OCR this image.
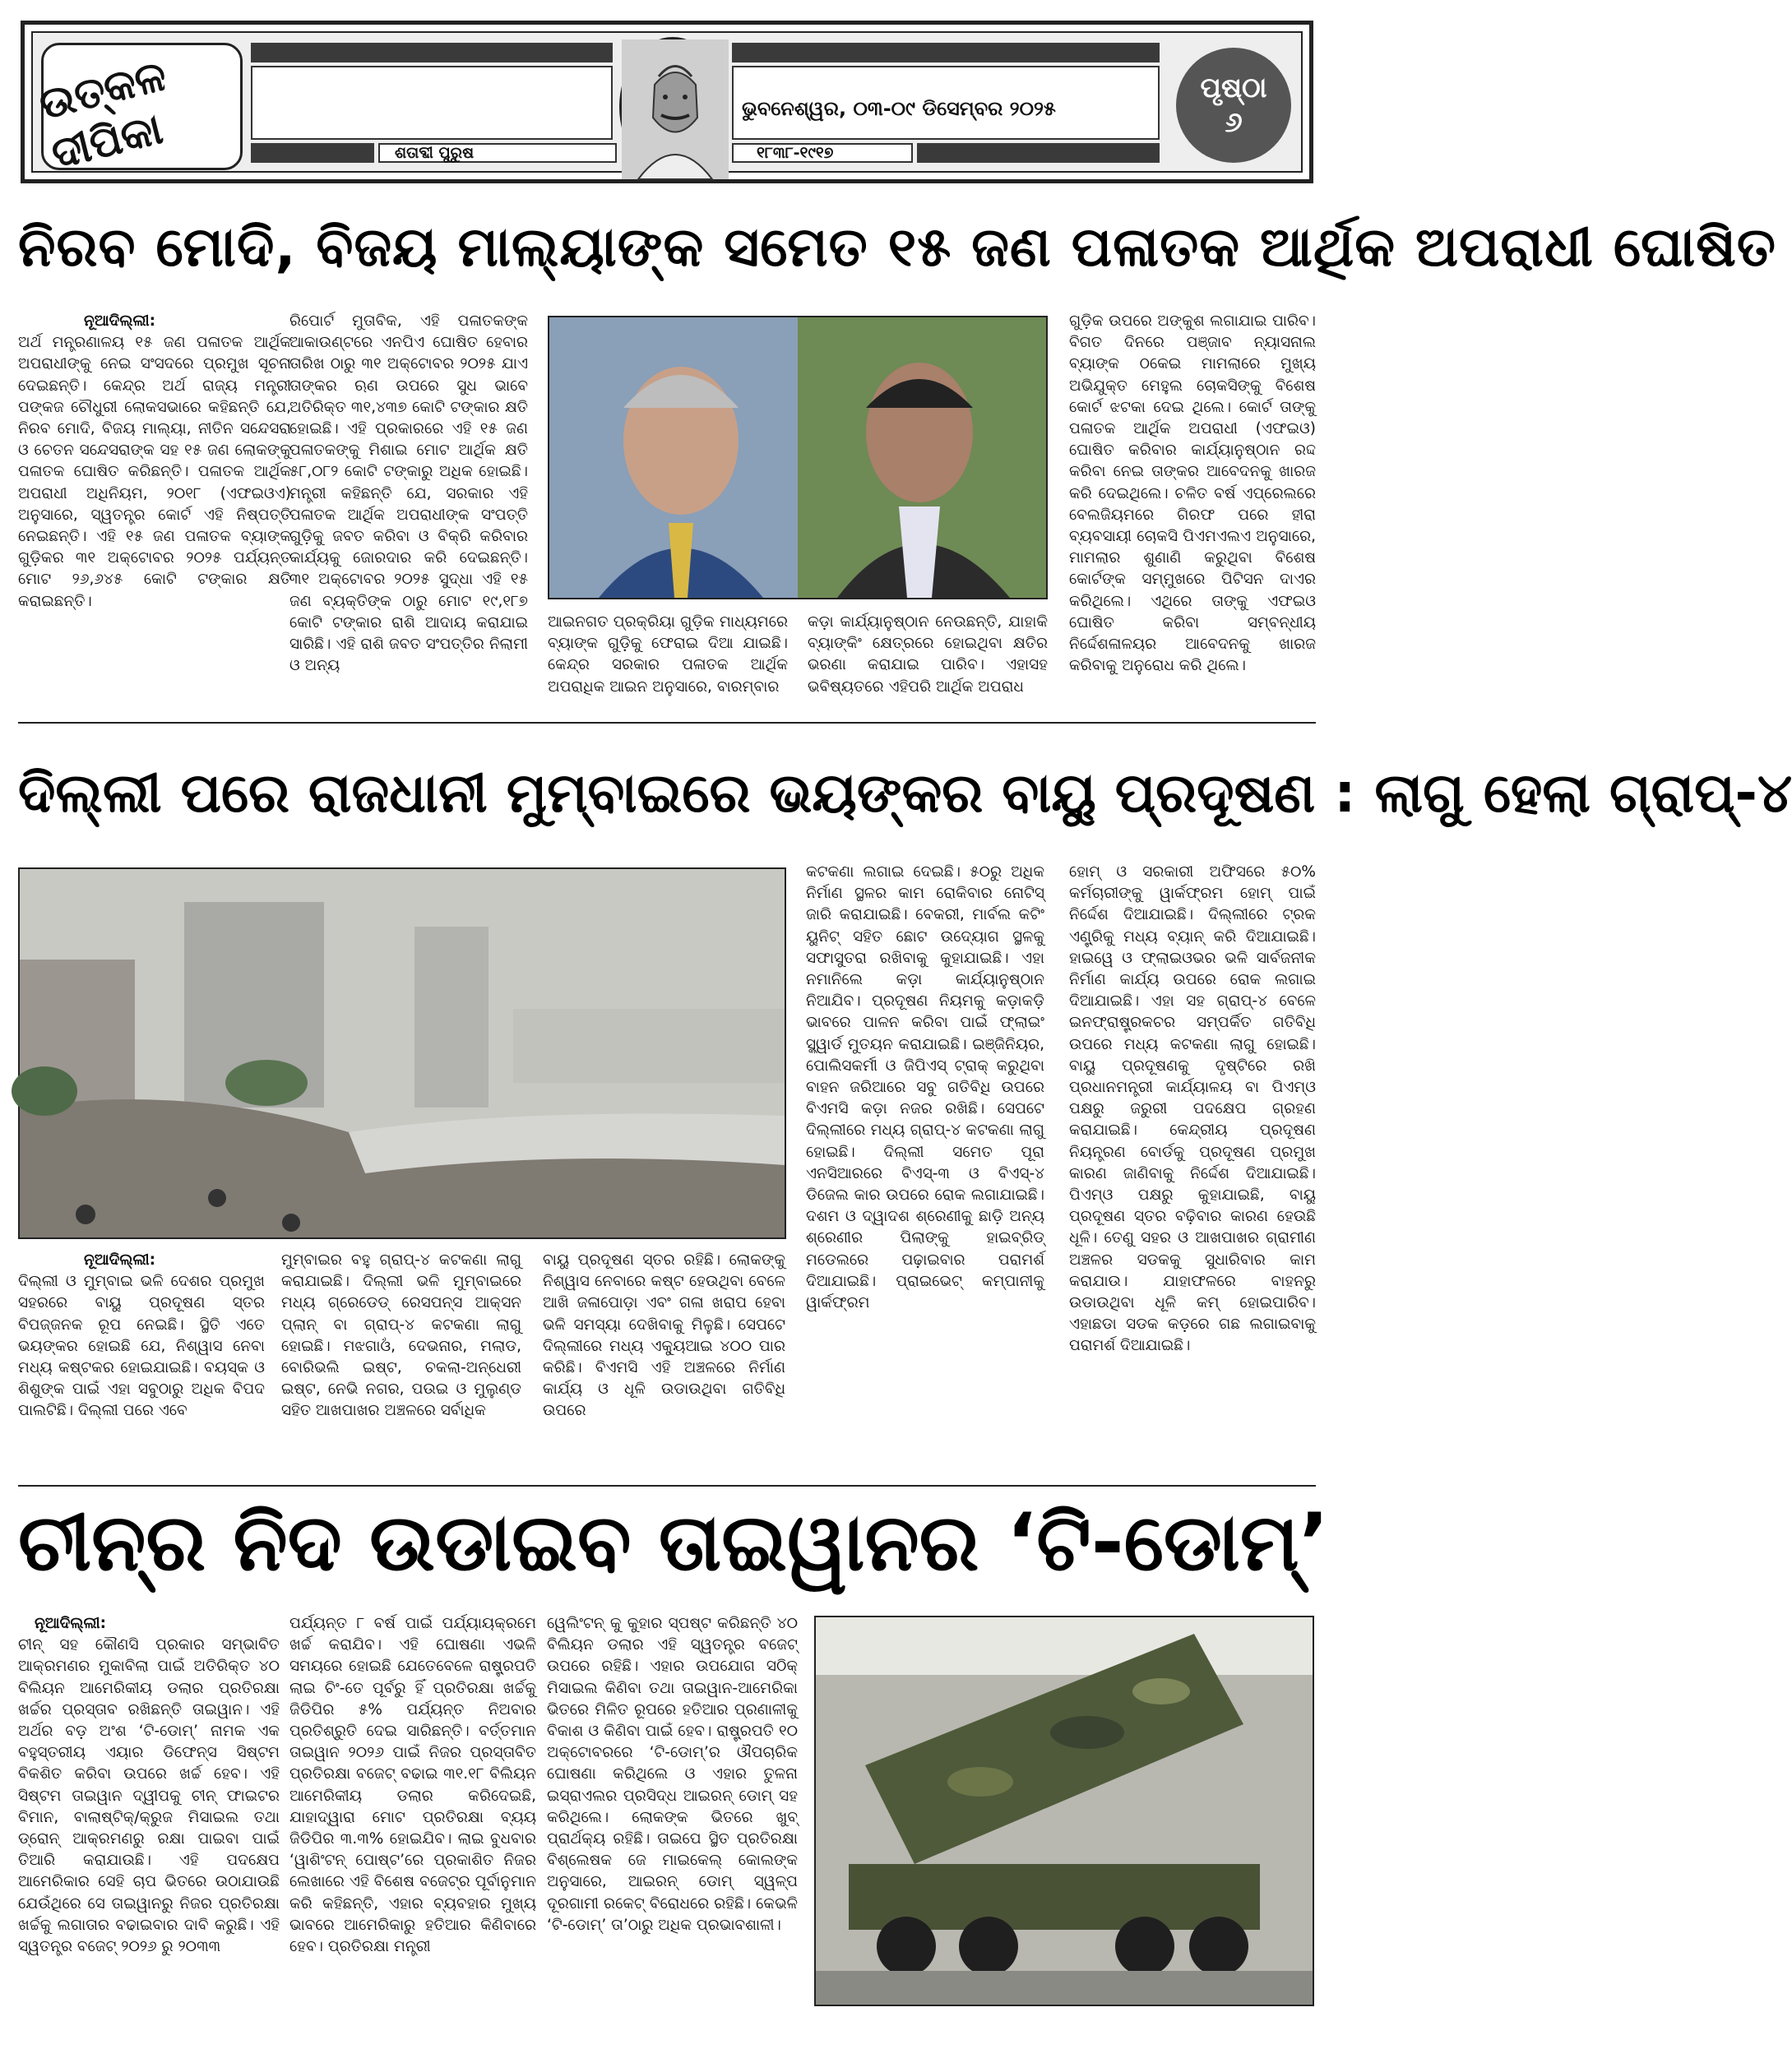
ଉତ୍କଳ ଦୀପିକା	ଶତାବ୍ଦୀ ପୁରୁଷ
ଭୁବନେଶ୍ୱର, ୦୩-୦୯ ଡିସେମ୍ବର ୨୦୨୫
୧୮୩୮-୧୯୧୭
ପୃଷ୍ଠା
୬
ନିରବ ମୋଦି, ବିଜୟ ମାଲ୍ୟାଙ୍କ ସମେତ ୧୫ ଜଣ ପଳାତକ ଆର୍ଥିକ ଅପରାଧୀ ଘୋଷିତ

ନୂଆଦିଲ୍ଲୀ:

ଅର୍ଥ ମନ୍ତ୍ରଣାଳୟ ୧୫ ଜଣ ପଳାତକ ଆର୍ଥିକ ଅପରାଧୀଙ୍କୁ ନେଇ ସଂସଦରେ ପ୍ରମୁଖ ସୂଚନା ଦେଇଛନ୍ତି। କେନ୍ଦ୍ର ଅର୍ଥ ରାଜ୍ୟ ମନ୍ତ୍ରୀ ପଙ୍କଜ ଚୌଧୁରୀ ଲୋକସଭାରେ କହିଛନ୍ତି ଯେ, ନିରବ ମୋଦି, ବିଜୟ ମାଲ୍ୟା, ନୀତିନ ସନ୍ଦେସରା ଓ ଚେତନ ସନ୍ଦେସରାଙ୍କ ସହ ୧୫ ଜଣ ଲୋକଙ୍କୁ ପଳାତକ ଘୋଷିତ କରିଛନ୍ତି। ପଳାତକ ଆର୍ଥିକ ଅପରାଧୀ ଅଧିନିୟମ, ୨୦୧୮ (ଏଫଇଓଏ) ଅନୁସାରେ, ସ୍ୱତନ୍ତ୍ର କୋର୍ଟ ଏହି ନିଷ୍ପତ୍ତି ନେଇଛନ୍ତି। ଏହି ୧୫ ଜଣ ପଳାତକ ବ୍ୟାଙ୍କ ଗୁଡ଼ିକର ୩୧ ଅକ୍ଟୋବର ୨୦୨୫ ପର୍ଯ୍ୟନ୍ତ ମୋଟ ୨୬,୬୪୫ କୋଟି ଟଙ୍କାର କ୍ଷତି କରାଇଛନ୍ତି।

ରିପୋର୍ଟ ମୁତାବିକ, ଏହି ପଳାତକଙ୍କ ଆକାଉଣ୍ଟରେ ଏନପିଏ ଘୋଷିତ ହେବାର ତାରିଖ ଠାରୁ ୩୧ ଅକ୍ଟୋବର ୨୦୨୫ ଯାଏ ତାଙ୍କର ଋଣ ଉପରେ ସୁଧ ଭାବେ ଅତିରିକ୍ତ ୩୧,୪୩୭ କୋଟି ଟଙ୍କାର କ୍ଷତି ହୋଇଛି। ଏହି ପ୍ରକାରରେ ଏହି ୧୫ ଜଣ ପଳାତକଙ୍କୁ ମିଶାଇ ମୋଟ ଆର୍ଥିକ କ୍ଷତି ୫୮,୦୮୨ କୋଟି ଟଙ୍କାରୁ ଅଧିକ ହୋଇଛି। ମନ୍ତ୍ରୀ କହିଛନ୍ତି ଯେ, ସରକାର ଏହି ପଳାତକ ଆର୍ଥିକ ଅପରାଧୀଙ୍କ ସଂପତ୍ତି ଗୁଡ଼ିକୁ ଜବତ କରିବା ଓ ବିକ୍ରି କରିବାର କାର୍ଯ୍ୟକୁ ଜୋରଦାର କରି ଦେଇଛନ୍ତି। ୩୧ ଅକ୍ଟୋବର ୨୦୨୫ ସୁଦ୍ଧା ଏହି ୧୫ ଜଣ ବ୍ୟକ୍ତିଙ୍କ ଠାରୁ ମୋଟ ୧୯,୧୮୭ କୋଟି ଟଙ୍କାର ରାଶି ଆଦାୟ କରାଯାଇ ସାରିଛି। ଏହି ରାଶି ଜବତ ସଂପତ୍ତିର ନିଲାମୀ ଓ ଅନ୍ୟ

ଆଇନଗତ ପ୍ରକ୍ରିୟା ଗୁଡ଼ିକ ମାଧ୍ୟମରେ ବ୍ୟାଙ୍କ ଗୁଡ଼ିକୁ ଫେରାଇ ଦିଆ ଯାଇଛି। କେନ୍ଦ୍ର ସରକାର ପଳାତକ ଆର୍ଥିକ ଅପରାଧିକ ଆଇନ ଅନୁସାରେ, ବାରମ୍ବାର

କଡ଼ା କାର୍ଯ୍ୟାନୁଷ୍ଠାନ ନେଉଛନ୍ତି, ଯାହାକି ବ୍ୟାଙ୍କିଂ କ୍ଷେତ୍ରରେ ହୋଇଥିବା କ୍ଷତିର ଭରଣା କରାଯାଇ ପାରିବ। ଏହାସହ ଭବିଷ୍ୟତରେ ଏହିପରି ଆର୍ଥିକ ଅପରାଧ

ଗୁଡ଼ିକ ଉପରେ ଅଙ୍କୁଶ ଲଗାଯାଇ ପାରିବ। ବିଗତ ଦିନରେ ପଞ୍ଜାବ ନ୍ୟାସନାଲ ବ୍ୟାଙ୍କ ଠକେଇ ମାମଲାରେ ମୁଖ୍ୟ ଅଭିଯୁକ୍ତ ମେହୁଲ ଚୋକସିଙ୍କୁ ବିଶେଷ କୋର୍ଟ ଝଟକା ଦେଇ ଥିଲେ। କୋର୍ଟ ତାଙ୍କୁ ପଳାତକ ଆର୍ଥିକ ଅପରାଧୀ (ଏଫଇଓ) ଘୋଷିତ କରିବାର କାର୍ଯ୍ୟାନୁଷ୍ଠାନ ରଦ୍ଦ କରିବା ନେଇ ତାଙ୍କର ଆବେଦନକୁ ଖାରଜ କରି ଦେଇଥିଲେ। ଚଳିତ ବର୍ଷ ଏପ୍ରେଲରେ ବେଲଜିୟମରେ ଗିରଫ ପରେ ହୀରା ବ୍ୟବସାୟୀ ଚୋକସି ପିଏମଏଲଏ ଅନୁସାରେ, ମାମଲାର ଶୁଣାଣି କରୁଥିବା ବିଶେଷ କୋର୍ଟଙ୍କ ସମ୍ମୁଖରେ ପିଟିସନ ଦାଏର କରିଥିଲେ। ଏଥିରେ ତାଙ୍କୁ ଏଫଇଓ ଘୋଷିତ କରିବା ସମ୍ବନ୍ଧୀୟ ନିର୍ଦ୍ଦେଶଳାଳୟର ଆବେଦନକୁ ଖାରଜ କରିବାକୁ ଅନୁରୋଧ କରି ଥିଲେ।

ଦିଲ୍ଲୀ ପରେ ରାଜଧାନୀ ମୁମ୍ବାଇରେ ଭୟଙ୍କର ବାୟୁ ପ୍ରଦୂଷଣ : ଲାଗୁ ହେଲା ଗ୍ରାପ୍-୪

ନୂଆଦିଲ୍ଲୀ:

ଦିଲ୍ଲୀ ଓ ମୁମ୍ବାଇ ଭଳି ଦେଶର ପ୍ରମୁଖ ସହରରେ ବାୟୁ ପ୍ରଦୂଷଣ ସ୍ତର ବିପଜ୍ଜନକ ରୂପ ନେଇଛି। ସ୍ଥିତି ଏତେ ଭୟଙ୍କର ହୋଇଛି ଯେ, ନିଶ୍ୱାସ ନେବା ମଧ୍ୟ କଷ୍ଟକର ହୋଇଯାଇଛି। ବୟସ୍କ ଓ ଶିଶୁଙ୍କ ପାଇଁ ଏହା ସବୁଠାରୁ ଅଧିକ ବିପଦ ପାଲଟିଛି। ଦିଲ୍ଲୀ ପରେ ଏବେ

ମୁମ୍ବାଇର ବହୁ ଗ୍ରାପ୍-୪ କଟକଣା ଲାଗୁ କରାଯାଇଛି। ଦିଲ୍ଲୀ ଭଳି ମୁମ୍ବାଇରେ ମଧ୍ୟ ଗ୍ରେଡେଡ୍ ରେସପନ୍ସ ଆକ୍ସନ ପ୍ଲାନ୍ ବା ଗ୍ରାପ୍-୪ କଟକଣା ଲାଗୁ ହୋଇଛି। ମଝଗାଓଁ, ଦେଭନାର, ମଲାଡ, ବୋରିଭଲି ଇଷ୍ଟ, ଚକଲା-ଅନ୍ଧେରୀ ଇଷ୍ଟ, ନେଭି ନଗର, ପଉଇ ଓ ମୁଲୁଣ୍ଡ ସହିତ ଆଖପାଖର ଅଞ୍ଚଳରେ ସର୍ବାଧିକ

ବାୟୁ ପ୍ରଦୂଷଣ ସ୍ତର ରହିଛି। ଲୋକଙ୍କୁ ନିଶ୍ୱାସ ନେବାରେ କଷ୍ଟ ହେଉଥିବା ବେଳେ ଆଖି ଜଳାପୋଡ଼ା ଏବଂ ଗଳା ଖରାପ ହେବା ଭଳି ସମସ୍ୟା ଦେଖିବାକୁ ମିଳୁଛି। ସେପଟେ ଦିଲ୍ଲୀରେ ମଧ୍ୟ ଏକ୍ୟୁଆଇ ୪୦୦ ପାର କରିଛି। ବିଏମସି ଏହି ଅଞ୍ଚଳରେ ନିର୍ମାଣ କାର୍ଯ୍ୟ ଓ ଧୂଳି ଉଡାଉଥିବା ଗତିବିଧି ଉପରେ

କଟକଣା ଲଗାଇ ଦେଇଛି। ୫୦ରୁ ଅଧିକ ନିର୍ମାଣ ସ୍ଥଳର କାମ ରୋକିବାର ନୋଟିସ୍ ଜାରି କରାଯାଇଛି। ବେକରୀ, ମାର୍ବଲ କଟିଂ ୟୁନିଟ୍ ସହିତ ଛୋଟ ଉଦ୍ୟୋଗ ସ୍ଥଳକୁ ସଫାସୁତରା ରଖିବାକୁ କୁହାଯାଇଛି। ଏହା ନମାନିଲେ କଡ଼ା କାର୍ଯ୍ୟାନୁଷ୍ଠାନ ନିଆଯିବ। ପ୍ରଦୂଷଣ ନିୟମକୁ କଡ଼ାକଡ଼ି ଭାବରେ ପାଳନ କରିବା ପାଇଁ ଫ୍ଲାଇଂ ସ୍କ୍ୱାର୍ଡ ମୁତୟନ କରାଯାଇଛି। ଇଞ୍ଜିନିୟର, ପୋଲିସକର୍ମୀ ଓ ଜିପିଏସ୍ ଟ୍ରାକ୍ କରୁଥିବା ବାହନ ଜରିଆରେ ସବୁ ଗତିବିଧି ଉପରେ ବିଏମସି କଡ଼ା ନଜର ରଖିଛି। ସେପଟେ ଦିଲ୍ଲୀରେ ମଧ୍ୟ ଗ୍ରାପ୍-୪ କଟକଣା ଲାଗୁ ହୋଇଛି। ଦିଲ୍ଲୀ ସମେତ ପୂରା ଏନସିଆରରେ ବିଏସ୍-୩ ଓ ବିଏସ୍-୪ ଡିଜେଲ କାର ଉପରେ ରୋକ ଲଗାଯାଇଛି। ଦଶମ ଓ ଦ୍ୱାଦଶ ଶ୍ରେଣୀକୁ ଛାଡ଼ି ଅନ୍ୟ ଶ୍ରେଣୀର ପିଲାଙ୍କୁ ହାଇବ୍ରିଡ୍ ମଡେଲରେ ପଢ଼ାଇବାର ପରାମର୍ଶ ଦିଆଯାଇଛି। ପ୍ରାଇଭେଟ୍ କମ୍ପାନୀକୁ ୱାର୍କଫ୍ରମ

ହୋମ୍ ଓ ସରକାରୀ ଅଫିସରେ ୫୦% କର୍ମଚାରୀଙ୍କୁ ୱାର୍କଫ୍ରମ ହୋମ୍ ପାଇଁ ନିର୍ଦ୍ଦେଶ ଦିଆଯାଇଛି। ଦିଲ୍ଲୀରେ ଟ୍ରକ ଏଣ୍ଟ୍ରିକୁ ମଧ୍ୟ ବ୍ୟାନ୍ କରି ଦିଆଯାଇଛି। ହାଇୱେ ଓ ଫ୍ଲାଇଓଭର ଭଳି ସାର୍ବଜନୀକ ନିର୍ମାଣ କାର୍ଯ୍ୟ ଉପରେ ରୋକ ଲଗାଇ ଦିଆଯାଇଛି। ଏହା ସହ ଗ୍ରାପ୍-୪ ବେଳେ ଇନଫ୍ରାଷ୍ଟ୍ରକଚର ସମ୍ପର୍କିତ ଗତିବିଧି ଉପରେ ମଧ୍ୟ କଟକଣା ଲାଗୁ ହୋଇଛି। ବାୟୁ ପ୍ରଦୂଷଣକୁ ଦୃଷ୍ଟିରେ ରଖି ପ୍ରଧାନମନ୍ତ୍ରୀ କାର୍ଯ୍ୟାଳୟ ବା ପିଏମ୍ଓ ପକ୍ଷରୁ ଜରୁରୀ ପଦକ୍ଷେପ ଗ୍ରହଣ କରାଯାଇଛି। କେନ୍ଦ୍ରୀୟ ପ୍ରଦୂଷଣ ନିୟନ୍ତ୍ରଣ ବୋର୍ଡକୁ ପ୍ରଦୂଷଣ ପ୍ରମୁଖ କାରଣ ଜାଣିବାକୁ ନିର୍ଦ୍ଦେଶ ଦିଆଯାଇଛି। ପିଏମ୍ଓ ପକ୍ଷରୁ କୁହାଯାଇଛି, ବାୟୁ ପ୍ରଦୂଷଣ ସ୍ତର ବଢ଼ିବାର କାରଣ ହେଉଛି ଧୂଳି। ତେଣୁ ସହର ଓ ଆଖପାଖର ଗ୍ରାମୀଣ ଅଞ୍ଚଳର ସଡକକୁ ସୁଧାରିବାର କାମ କରାଯାଉ। ଯାହାଫଳରେ ବାହନରୁ ଉଡାଉଥିବା ଧୂଳି କମ୍ ହୋଇପାରିବ। ଏହାଛଡା ସଡକ କଡ଼ରେ ଗଛ ଲଗାଇବାକୁ ପରାମର୍ଶ ଦିଆଯାଇଛି।

ଚୀନ୍‌ର ନିଦ ଉଡାଇବ ତାଇୱାନର ‘ଟି-ଡୋମ୍’

ନୂଆଦିଲ୍ଲୀ:

ଚୀନ୍ ସହ କୌଣସି ପ୍ରକାର ସମ୍ଭାବିତ ଆକ୍ରମଣର ମୁକାବିଲା ପାଇଁ ଅତିରିକ୍ତ ୪୦ ବିଲିୟନ ଆମେରିକୀୟ ଡଲାର ପ୍ରତିରକ୍ଷା ଖର୍ଚ୍ଚର ପ୍ରସ୍ତାବ ରଖିଛନ୍ତି ତାଇୱାନ। ଏହି ଅର୍ଥର ବଡ଼ ଅଂଶ ‘ଟି-ଡୋମ୍’ ନାମକ ଏକ ବହୁସ୍ତରୀୟ ଏୟାର ଡିଫେନ୍ସ ସିଷ୍ଟମ ବିକଶିତ କରିବା ଉପରେ ଖର୍ଚ୍ଚ ହେବ। ଏହି ସିଷ୍ଟମ ତାଇୱାନ ଦ୍ୱୀପକୁ ଚୀନ୍ ଫାଇଟର ବିମାନ, ବାଲାଷ୍ଟିକ୍/କ୍ରୁଜ ମିସାଇଲ ତଥା ଡ୍ରୋନ୍ ଆକ୍ରମଣରୁ ରକ୍ଷା ପାଇବା ପାଇଁ ତିଆରି କରାଯାଉଛି। ଏହି ପଦକ୍ଷେପ ଆମେରିକାର ସେହି ଚାପ ଭିତରେ ଉଠାଯାଉଛି ଯେଉଁଥିରେ ସେ ତାଇୱାନରୁ ନିଜର ପ୍ରତିରକ୍ଷା ଖର୍ଚ୍ଚକୁ ଲଗାତାର ବଢାଇବାର ଦାବି କରୁଛି। ଏହି ସ୍ୱତନ୍ତ୍ର ବଜେଟ୍ ୨୦୨୬ ରୁ ୨୦୩୩

ପର୍ଯ୍ୟନ୍ତ ୮ ବର୍ଷ ପାଇଁ ପର୍ଯ୍ୟାୟକ୍ରମେ ଖର୍ଚ୍ଚ କରାଯିବ। ଏହି ଘୋଷଣା ଏଭଳି ସମୟରେ ହୋଇଛି ଯେତେବେଳେ ରାଷ୍ଟ୍ରପତି ଲାଇ ଚିଂ-ତେ ପୂର୍ବରୁ ହିଁ ପ୍ରତିରକ୍ଷା ଖର୍ଚ୍ଚକୁ ଜିଡିପିର ୫% ପର୍ଯ୍ୟନ୍ତ ନିଅବାର ପ୍ରତିଶ୍ରୁତି ଦେଇ ସାରିଛନ୍ତି। ବର୍ତ୍ତମାନ ତାଇୱାନ ୨୦୨୬ ପାଇଁ ନିଜର ପ୍ରସ୍ତାବିତ ପ୍ରତିରକ୍ଷା ବଜେଟ୍ ବଢାଇ ୩୧.୧୮ ବିଲିୟନ ଆମେରିକୀୟ ଡଲାର କରିଦେଇଛି, ଯାହାଦ୍ୱାରା ମୋଟ ପ୍ରତିରକ୍ଷା ବ୍ୟୟ ଜିଡିପିର ୩.୩% ହୋଇଯିବ। ଲାଇ ବୁଧବାର ‘ୱାଶିଂଟନ୍ ପୋଷ୍ଟ’ରେ ପ୍ରକାଶିତ ନିଜର ଲେଖାରେ ଏହି ବିଶେଷ ବଜେଟ୍ର ପୂର୍ବାନୁମାନ କରି କହିଛନ୍ତି, ଏହାର ବ୍ୟବହାର ମୁଖ୍ୟ ଭାବରେ ଆମେରିକାରୁ ହତିଆର କିଣିବାରେ ହେବ। ପ୍ରତିରକ୍ଷା ମନ୍ତ୍ରୀ

ୱେଲିଂଟନ୍ କୁ କୁହାର ସ୍ପଷ୍ଟ କରିଛନ୍ତି ୪୦ ବିଲିୟନ ଡଲାର ଏହି ସ୍ୱତନ୍ତ୍ର ବଜେଟ୍ ଉପରେ ରହିଛି। ଏହାର ଉପଯୋଗ ସଠିକ୍ ମିସାଇଲ କିଣିବା ତଥା ତାଇୱାନ-ଆମେରିକା ଭିତରେ ମିଳିତ ରୂପରେ ହତିଆର ପ୍ରଣାଳୀକୁ ବିକାଶ ଓ କିଣିବା ପାଇଁ ହେବ। ରାଷ୍ଟ୍ରପତି ୧୦ ଅକ୍ଟୋବରରେ ‘ଟି-ଡୋମ୍’ର ଔପଚାରିକ ଘୋଷଣା କରିଥିଲେ ଓ ଏହାର ତୁଳନା ଇସ୍ରାଏଲର ପ୍ରସିଦ୍ଧ ଆଇରନ୍ ଡୋମ୍ ସହ କରିଥିଲେ। ଲୋକଙ୍କ ଭିତରେ ଖୁବ୍ ପ୍ରାର୍ଥକ୍ୟ ରହିଛି। ତାଇପେ ସ୍ଥିତ ପ୍ରତିରକ୍ଷା ବିଶ୍ଲେଷକ ଜେ ମାଇକେଲ୍ କୋଲଙ୍କ ଅନୁସାରେ, ଆଇରନ୍ ଡୋମ୍ ସ୍ୱଳ୍ପ ଦୂରଗାମୀ ରକେଟ୍ ବିରୋଧରେ ରହିଛି। କେଭଳି ‘ଟି-ଡୋମ୍’ ତା’ଠାରୁ ଅଧିକ ପ୍ରଭାବଶାଳୀ।
